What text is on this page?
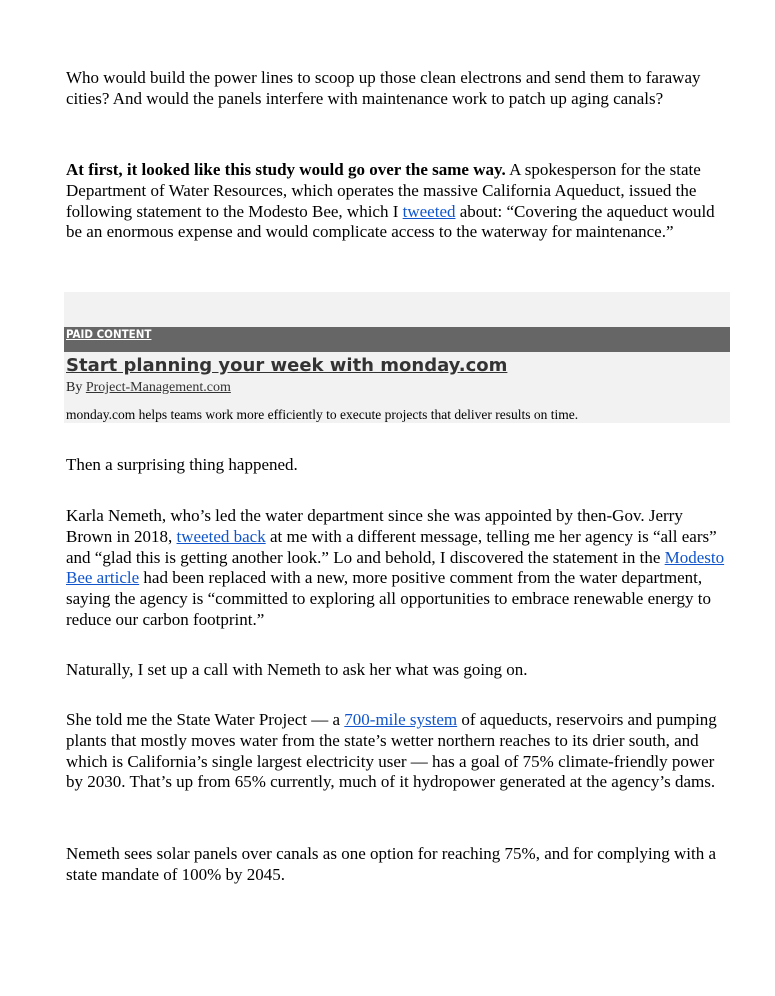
Who would build the power lines to scoop up those clean electrons and send them to faraway cities? And would the panels interfere with maintenance work to patch up aging canals?

At first, it looked like this study would go over the same way. A spokesperson for the state Department of Water Resources, which operates the massive California Aqueduct, issued the following statement to the Modesto Bee, which I tweeted about: “Covering the aqueduct would be an enormous expense and would complicate access to the waterway for maintenance.”

Then a surprising thing happened.

Karla Nemeth, who’s led the water department since she was appointed by then-Gov. Jerry Brown in 2018, tweeted back at me with a different message, telling me her agency is “all ears” and “glad this is getting another look.” Lo and behold, I discovered the statement in the Modesto Bee article had been replaced with a new, more positive comment from the water department, saying the agency is “committed to exploring all opportunities to embrace renewable energy to reduce our carbon footprint.”

Naturally, I set up a call with Nemeth to ask her what was going on.

She told me the State Water Project — a 700-mile system of aqueducts, reservoirs and pumping plants that mostly moves water from the state’s wetter northern reaches to its drier south, and which is California’s single largest electricity user — has a goal of 75% climate-friendly power by 2030. That’s up from 65% currently, much of it hydropower generated at the agency’s dams.

Nemeth sees solar panels over canals as one option for reaching 75%, and for complying with a state mandate of 100% by 2045.

PAID CONTENT
Start planning your week with monday.com
By Project-Management.com
monday.com helps teams work more efficiently to execute projects that deliver results on time.
